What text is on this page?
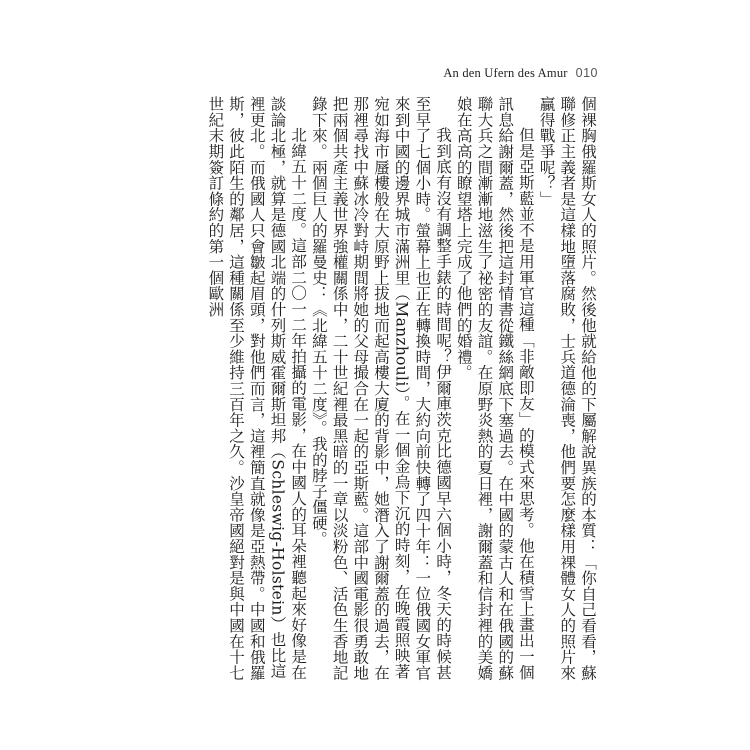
An den Ufern des Amur 010

個裸胸俄羅斯女人的照片。然後他就給他的下屬解說異族的本質：「你自己看看，蘇聯修正主義者是這樣地墮落腐敗，士兵道德淪喪，他們要怎麼樣用裸體女人的照片來贏得戰爭呢？」

但是亞斯藍並不是用軍官這種「非敵即友」的模式來思考。他在積雪上畫出一個訊息給謝爾蓋，然後把這封情書從鐵絲網底下塞過去。在中國的蒙古人和在俄國的蘇聯大兵之間漸漸地滋生了祕密的友誼。在原野炎熱的夏日裡，謝爾蓋和信封裡的美嬌娘在高高的瞭望塔上完成了他們的婚禮。

我到底有沒有調整手錶的時間呢？伊爾庫茨克比德國早六個小時，冬天的時候甚至早了七個小時。螢幕上也正在轉換時間，大約向前快轉了四十年：一位俄國女軍官來到中國的邊界城市滿洲里（Manzhouli）。在一個金烏下沉的時刻，在晚霞照映著宛如海市蜃樓般在大原野上拔地而起高樓大廈的背影中，她潛入了謝爾蓋的過去，在那裡尋找中蘇冰冷對峙期間將她的父母撮合在一起的亞斯藍。這部中國電影很勇敢地把兩個共產主義世界強權關係中，二十世紀裡最黑暗的一章以淡粉色、活色生香地記錄下來。兩個巨人的羅曼史：《北緯五十二度》。我的脖子僵硬。

北緯五十二度。這部二〇一二年拍攝的電影，在中國人的耳朵裡聽起來好像是在談論北極，就算是德國北端的什列斯威霍爾斯坦邦（Schleswig-Holstein）也比這裡更北。而俄國人只會皺起眉頭，對他們而言，這裡簡直就像是亞熱帶。中國和俄羅斯，彼此陌生的鄰居，這種關係至少維持三百年之久。沙皇帝國絕對是與中國在十七世紀末期簽訂條約的第一個歐洲
